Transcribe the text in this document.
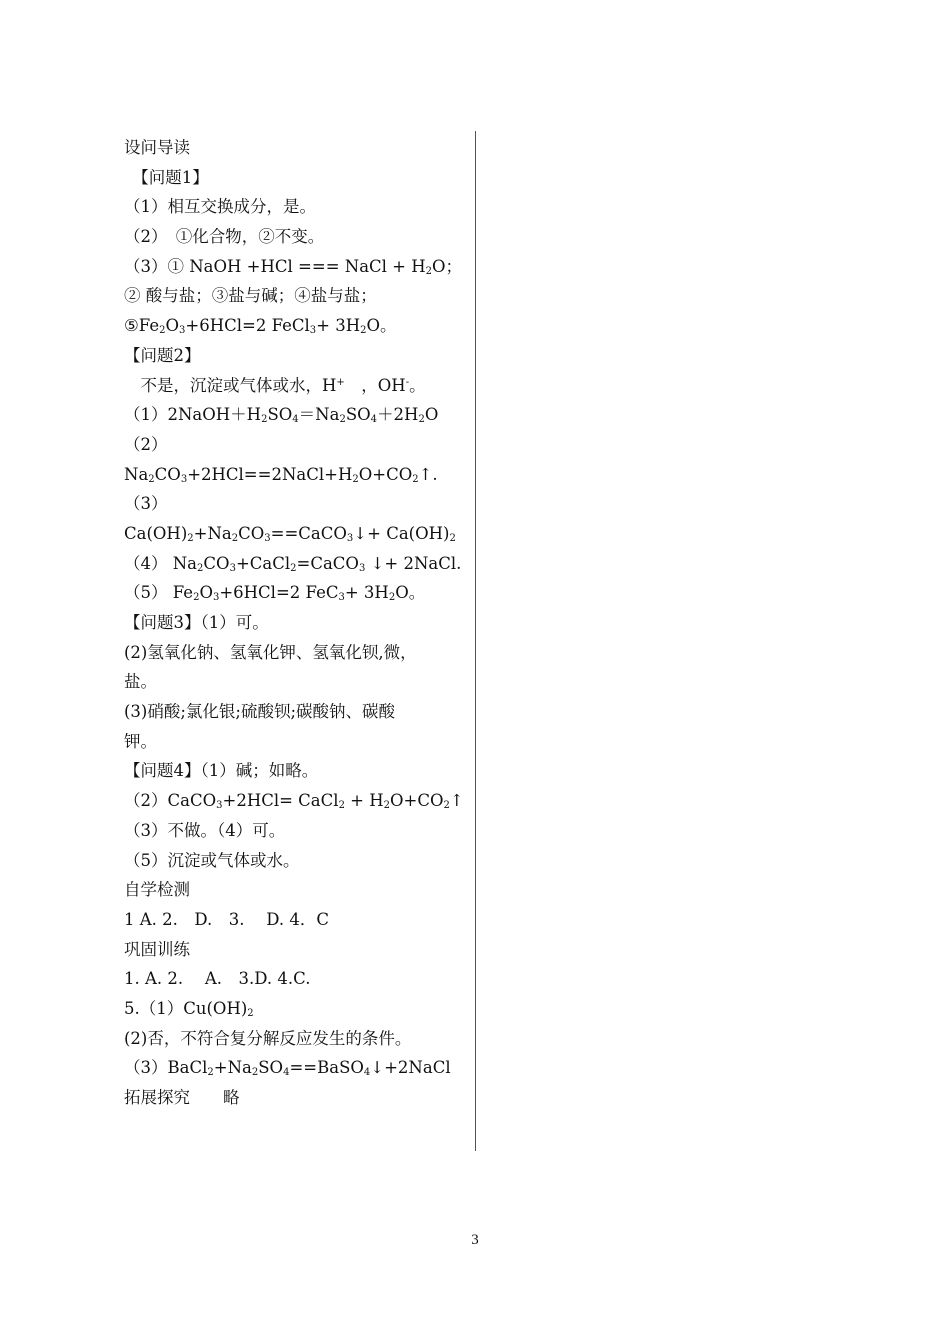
设问导读
　【问题1】
（1）相互交换成分，是。
（2）　①化合物，②不变。
（3）① NaOH +HCl === NaCl + $H_2O$；
② 酸与盐；③盐与碱；④盐与盐；
$⑤Fe_2O_3+6HCl=2$ FeCl$_3$+ $3H_2O$。
【问题2】
　不是，沉淀或气体或水，H+　，OH-。
$(1)2NaOH+H_2SO_4=Na_2SO_4+2H_2O$
（2）
$Na_2CO_3+2HCl==2NaCl+H_2O+CO_2↑$.
（3）
$Ca(OH)_2+Na_2CO_3==CaCO_3↓+ Ca(OH)_2$
（4） $Na_2CO_3+CaCl_2=CaCO_3$ ↓+ 2NaCl.
（5） $Fe_2O_3+6HCl=2$ $FeC_3+ 3H_2O$。
【问题3】（1）可。
(2)氢氧化钠、氢氧化钾、氢氧化钡,微，
盐。
(3)硝酸;氯化银;硫酸钡;碳酸钠、碳酸
钾。
【问题4】（1）碱；如略。
（2）CaCO$_3$+2HCl= CaCl$_2$ + $H_2O+CO_2↑$
（3）不做。（4）可。
（5）沉淀或气体或水。
自学检测
1 A. 2.　D.　3.　 D. 4．C
巩固训练
1. A. 2.　 A.　3.D. 4.C.
$5.(1)Cu(OH)_2$
(2)否，不符合复分解反应发生的条件。
$(3)BaCl_2+Na_2SO_4==BaSO_4↓+2NaCl$
拓展探究　　略
3
